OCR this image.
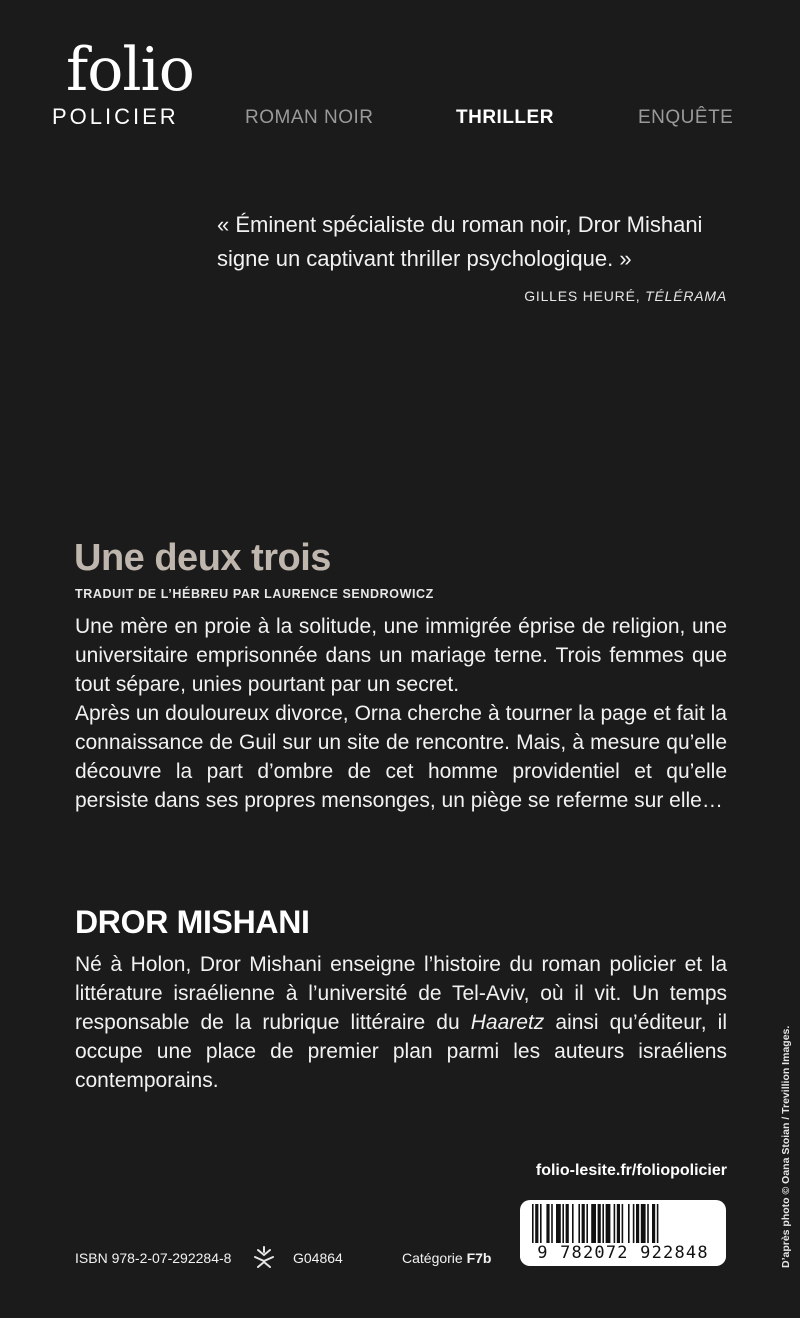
folio
POLICIER	ROMAN NOIR	THRILLER	ENQUÊTE
« Éminent spécialiste du roman noir, Dror Mishani signe un captivant thriller psychologique. »
GILLES HEURÉ, TÉLÉRAMA
Une deux trois
TRADUIT DE L’HÉBREU PAR LAURENCE SENDROWICZ

Une mère en proie à la solitude, une immigrée éprise de religion, une universitaire emprisonnée dans un mariage terne. Trois femmes que tout sépare, unies pourtant par un secret.

Après un douloureux divorce, Orna cherche à tourner la page et fait la connaissance de Guil sur un site de rencontre. Mais, à mesure qu’elle découvre la part d’ombre de cet homme providentiel et qu’elle persiste dans ses propres mensonges, un piège se referme sur elle…

DROR MISHANI
Né à Holon, Dror Mishani enseigne l’histoire du roman policier et la littérature israélienne à l’université de Tel-Aviv, où il vit. Un temps responsable de la rubrique littéraire du Haaretz ainsi qu’éditeur, il occupe une place de premier plan parmi les auteurs israéliens contemporains.
folio-lesite.fr/foliopolicier
9 782072 922848
ISBN 978-2-07-292284-8	G04864	Catégorie F7b	D’après photo © Oana Stoian / Trevillion Images.
